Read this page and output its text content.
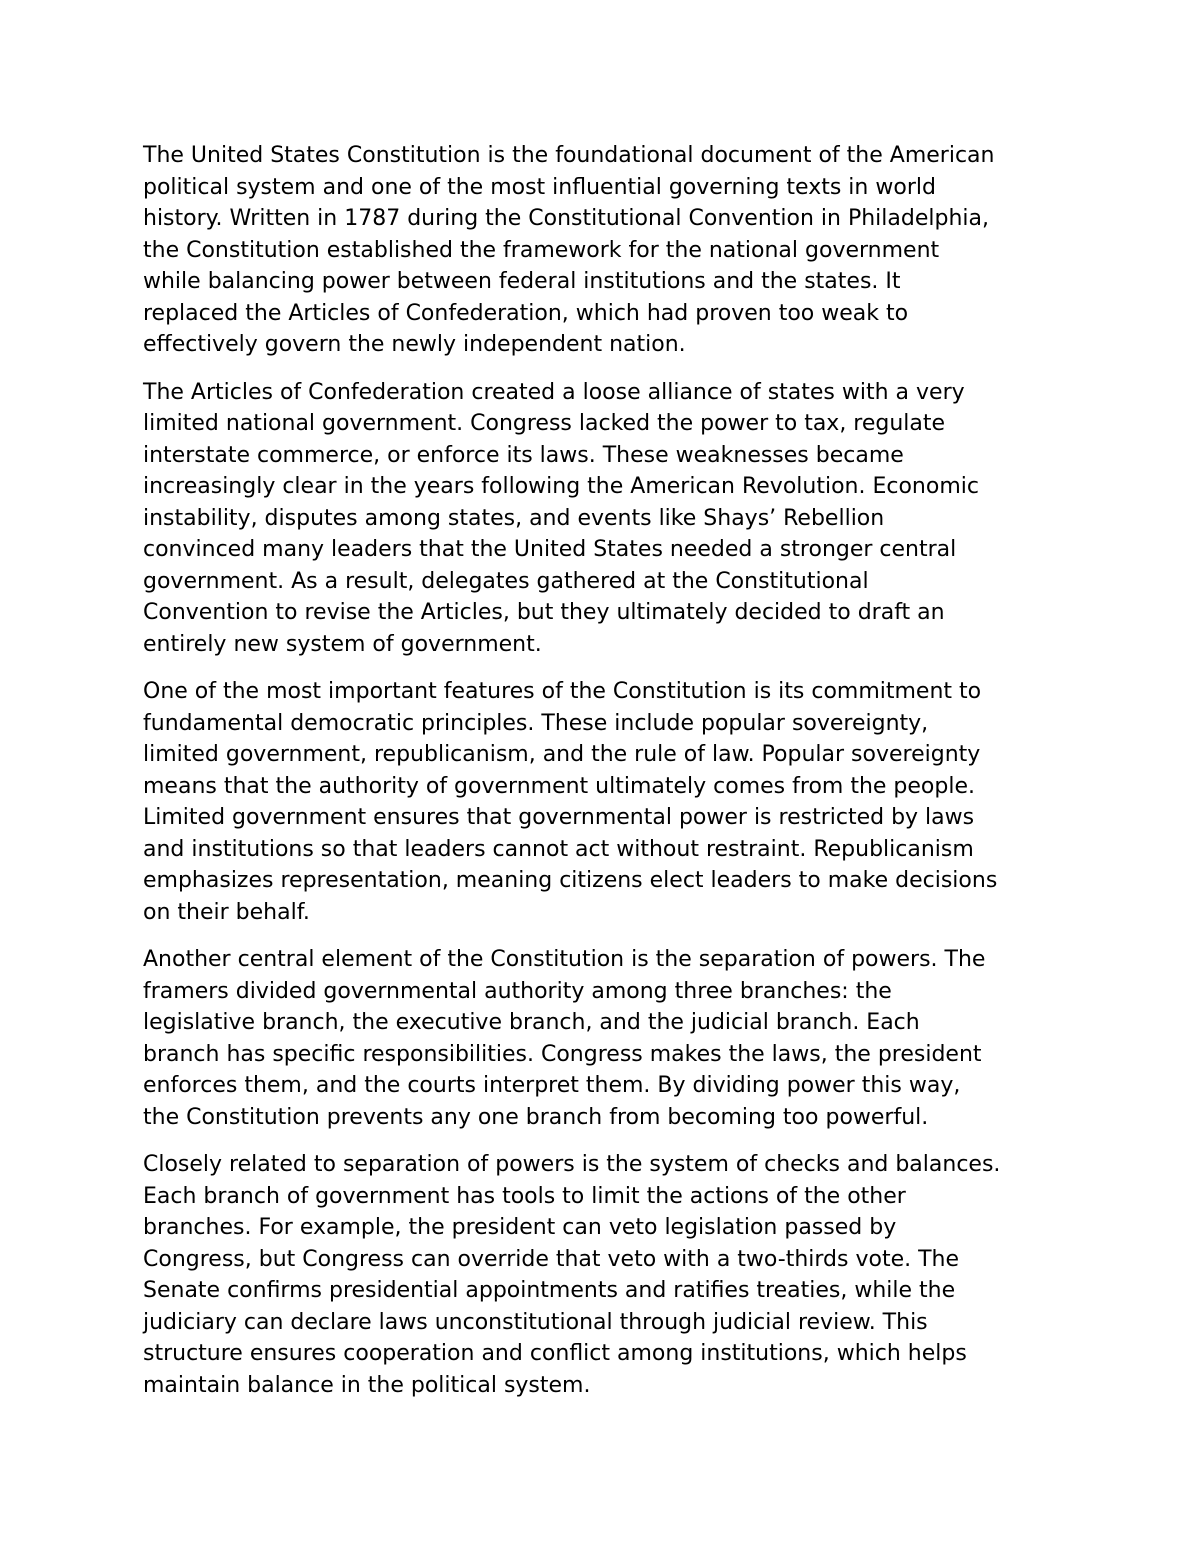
The United States Constitution is the foundational document of the American
political system and one of the most influential governing texts in world
history. Written in 1787 during the Constitutional Convention in Philadelphia,
the Constitution established the framework for the national government
while balancing power between federal institutions and the states. It
replaced the Articles of Confederation, which had proven too weak to
effectively govern the newly independent nation.

The Articles of Confederation created a loose alliance of states with a very
limited national government. Congress lacked the power to tax, regulate
interstate commerce, or enforce its laws. These weaknesses became
increasingly clear in the years following the American Revolution. Economic
instability, disputes among states, and events like Shays’ Rebellion
convinced many leaders that the United States needed a stronger central
government. As a result, delegates gathered at the Constitutional
Convention to revise the Articles, but they ultimately decided to draft an
entirely new system of government.

One of the most important features of the Constitution is its commitment to
fundamental democratic principles. These include popular sovereignty,
limited government, republicanism, and the rule of law. Popular sovereignty
means that the authority of government ultimately comes from the people.
Limited government ensures that governmental power is restricted by laws
and institutions so that leaders cannot act without restraint. Republicanism
emphasizes representation, meaning citizens elect leaders to make decisions
on their behalf.

Another central element of the Constitution is the separation of powers. The
framers divided governmental authority among three branches: the
legislative branch, the executive branch, and the judicial branch. Each
branch has specific responsibilities. Congress makes the laws, the president
enforces them, and the courts interpret them. By dividing power this way,
the Constitution prevents any one branch from becoming too powerful.

Closely related to separation of powers is the system of checks and balances.
Each branch of government has tools to limit the actions of the other
branches. For example, the president can veto legislation passed by
Congress, but Congress can override that veto with a two-thirds vote. The
Senate confirms presidential appointments and ratifies treaties, while the
judiciary can declare laws unconstitutional through judicial review. This
structure ensures cooperation and conflict among institutions, which helps
maintain balance in the political system.
